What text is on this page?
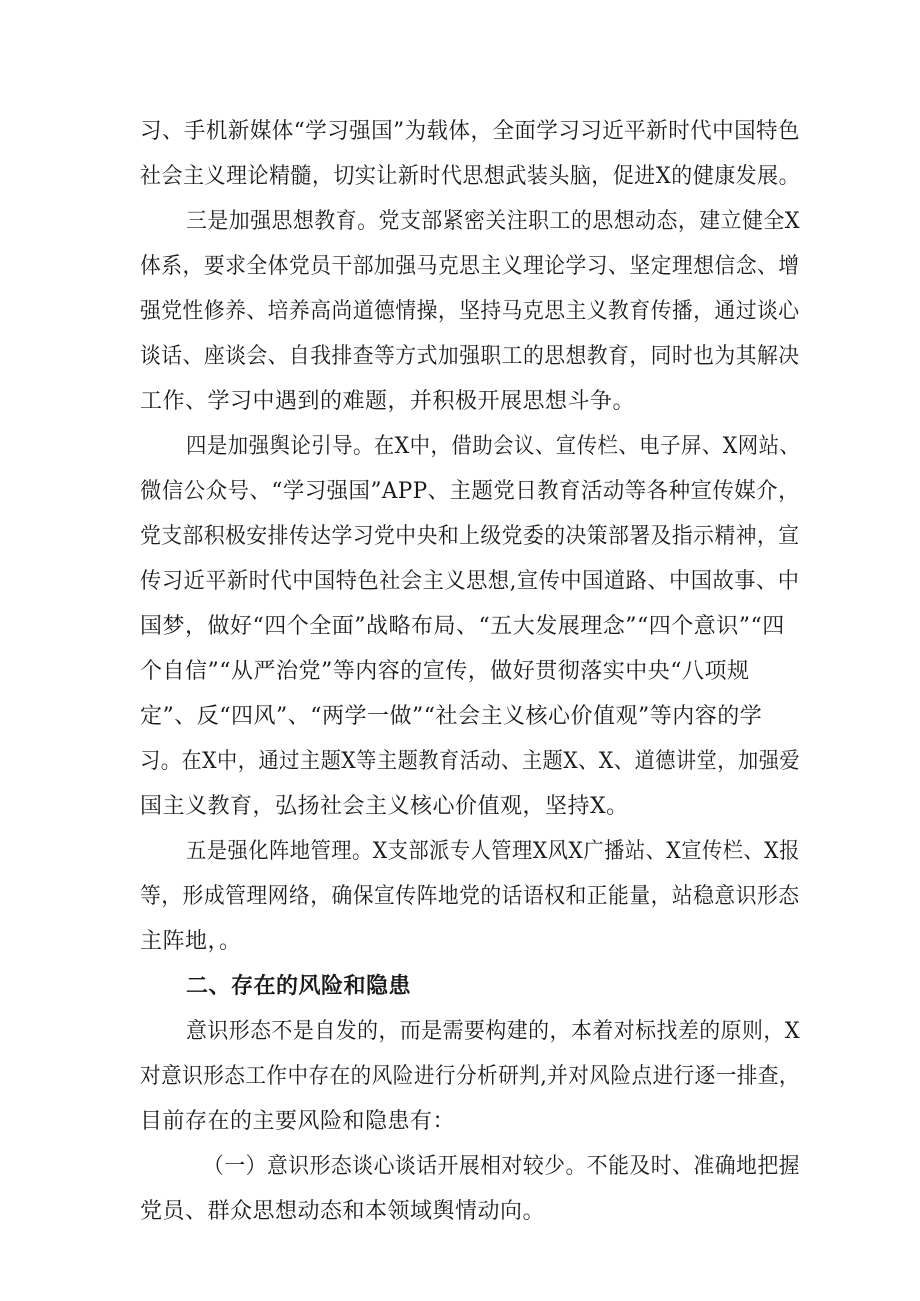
习、手机新媒体“学习强国”为载体，全面学习习近平新时代中国特色
社会主义理论精髓，切实让新时代思想武装头脑，促进X的健康发展。
三是加强思想教育。党支部紧密关注职工的思想动态，建立健全X
体系，要求全体党员干部加强马克思主义理论学习、坚定理想信念、增
强党性修养、培养高尚道德情操，坚持马克思主义教育传播，通过谈心
谈话、座谈会、自我排查等方式加强职工的思想教育，同时也为其解决
工作、学习中遇到的难题，并积极开展思想斗争。
四是加强舆论引导。在X中，借助会议、宣传栏、电子屏、X网站、
微信公众号、“学习强国”APP、主题党日教育活动等各种宣传媒介，
党支部积极安排传达学习党中央和上级党委的决策部署及指示精神，宣
传习近平新时代中国特色社会主义思想,宣传中国道路、中国故事、中
国梦，做好“四个全面”战略布局、“五大发展理念”“四个意识”“四
个自信”“从严治党”等内容的宣传，做好贯彻落实中央“八项规
定”、反“四风”、“两学一做”“社会主义核心价值观”等内容的学
习。在X中，通过主题X等主题教育活动、主题X、X、道德讲堂，加强爱
国主义教育，弘扬社会主义核心价值观，坚持X。
五是强化阵地管理。X支部派专人管理X风X广播站、X宣传栏、X报
等，形成管理网络，确保宣传阵地党的话语权和正能量，站稳意识形态
主阵地，。
二、存在的风险和隐患
意识形态不是自发的，而是需要构建的，本着对标找差的原则，X
对意识形态工作中存在的风险进行分析研判,并对风险点进行逐一排查，
目前存在的主要风险和隐患有：
（一）意识形态谈心谈话开展相对较少。不能及时、准确地把握
党员、群众思想动态和本领域舆情动向。
